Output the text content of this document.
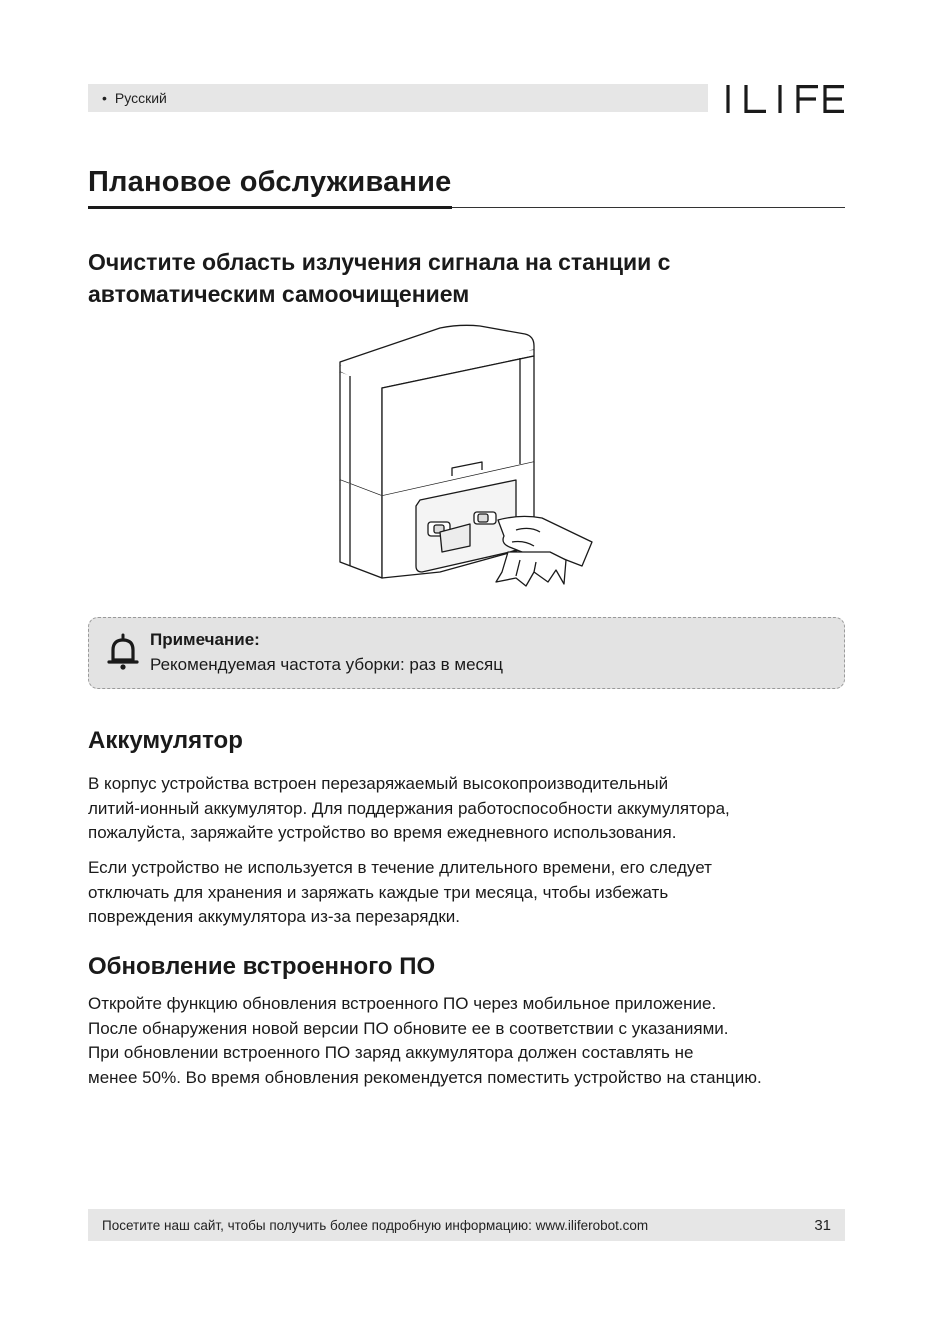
• Русский
Плановое обслуживание
Очистите область излучения сигнала на станции с
автоматическим самоочищением
Примечание:
Рекомендуемая частота уборки: раз в месяц
Аккумулятор
В корпус устройства встроен перезаряжаемый высокопроизводительный
литий-ионный аккумулятор. Для поддержания работоспособности аккумулятора,
пожалуйста, заряжайте устройство во время ежедневного использования.
Если устройство не используется в течение длительного времени, его следует
отключать для хранения и заряжать каждые три месяца, чтобы избежать
повреждения аккумулятора из-за перезарядки.
Обновление встроенного ПО
Откройте функцию обновления встроенного ПО через мобильное приложение.
После обнаружения новой версии ПО обновите ее в соответствии с указаниями.
При обновлении встроенного ПО заряд аккумулятора должен составлять не
менее 50%. Во время обновления рекомендуется поместить устройство на станцию.
Посетите наш сайт, чтобы получить более подробную информацию: www.iliferobot.com	31
